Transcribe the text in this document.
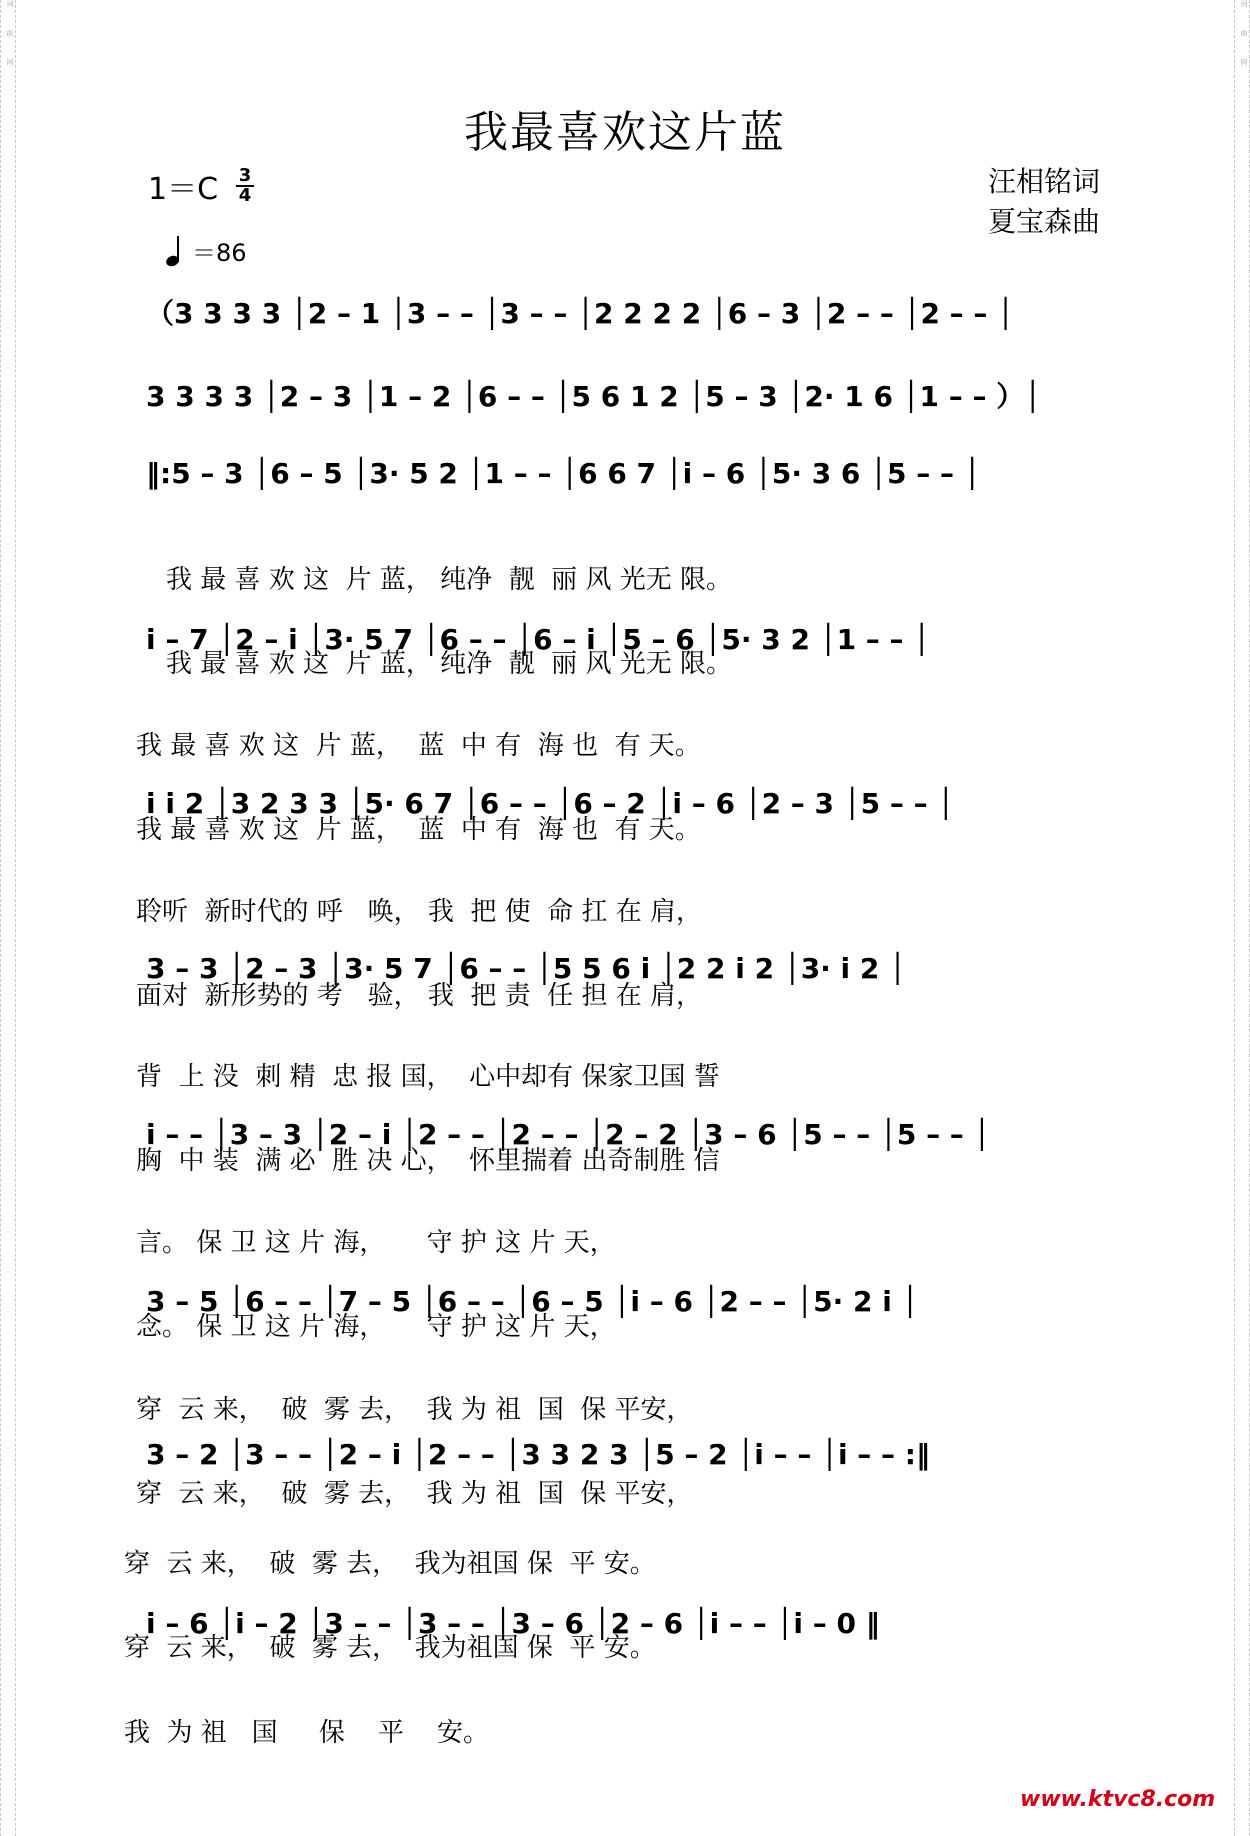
词 曲 网	词 曲 网
我最喜欢这片蓝
1＝C 3
4
＝86
汪相铭词
夏宝森曲
（3 3 3 3 │2 – 1 │3 – – │3 – – │2 2 2 2 │6 – 3 │2 – – │2 – – │
3 3 3 3 │2 – 3 │1 – 2 │6 – – │5 6 1 2 │5 – 3 │2· 1 6 │1 – – ）│
‖:5 – 3 │6 – 5 │3· 5 2 │1 – – │6 6 7 │i – 6 │5· 3 6 │5 – – │
i – 7 │2 – i │3· 5 7 │6 – – │6 – i │5 – 6 │5· 3 2 │1 – – │
i i 2 │3 2 3 3 │5· 6 7 │6 – – │6 – 2 │i – 6 │2 – 3 │5 – – │
3 – 3 │2 – 3 │3· 5 7 │6 – – │5 5 6 i │2 2 i 2 │3· i 2 │
i – – │3 – 3 │2 – i │2 – – │2 – – │2 – 2 │3 – 6 │5 – – │5 – – │
3 – 5 │6 – – │7 – 5 │6 – – │6 – 5 │i – 6 │2 – – │5· 2 i │
3 – 2 │3 – – │2 – i │2 – – │3 3 2 3 │5 – 2 │i – – │i – – :‖
i – 6 │i – 2 │3 – – │3 – – │3 – 6 │2 – 6 │i – – │i – 0 ‖

我 最 喜 欢 这  片 蓝， 纯净  靓  丽 风 光无 限。

我 最 喜 欢 这  片 蓝， 纯净  靓  丽 风 光无 限。

我 最 喜 欢 这  片 蓝，  蓝  中 有  海 也  有 天。

我 最 喜 欢 这  片 蓝，  蓝  中 有  海 也  有 天。

聆听  新时代的 呼   唤， 我  把 使  命 扛 在 肩，

面对  新形势的 考   验， 我  把 责  任 担 在 肩，

背  上 没  刺 精  忠 报 国，  心中却有 保家卫国 誓

胸  中 装  满 必  胜 决 心，  怀里揣着 出奇制胜 信

言。 保 卫 这 片 海，     守 护 这 片 天，

念。 保 卫 这 片 海，     守 护 这 片 天，

穿  云 来，  破  雾 去，  我 为 祖  国  保 平安，

穿  云 来，  破  雾 去，  我 为 祖  国  保 平安，

穿  云 来，  破  雾 去，  我为祖国 保  平 安。

穿  云 来，  破  雾 去，  我为祖国 保  平 安。

我  为 祖   国     保    平    安。

www.ktvc8.com
